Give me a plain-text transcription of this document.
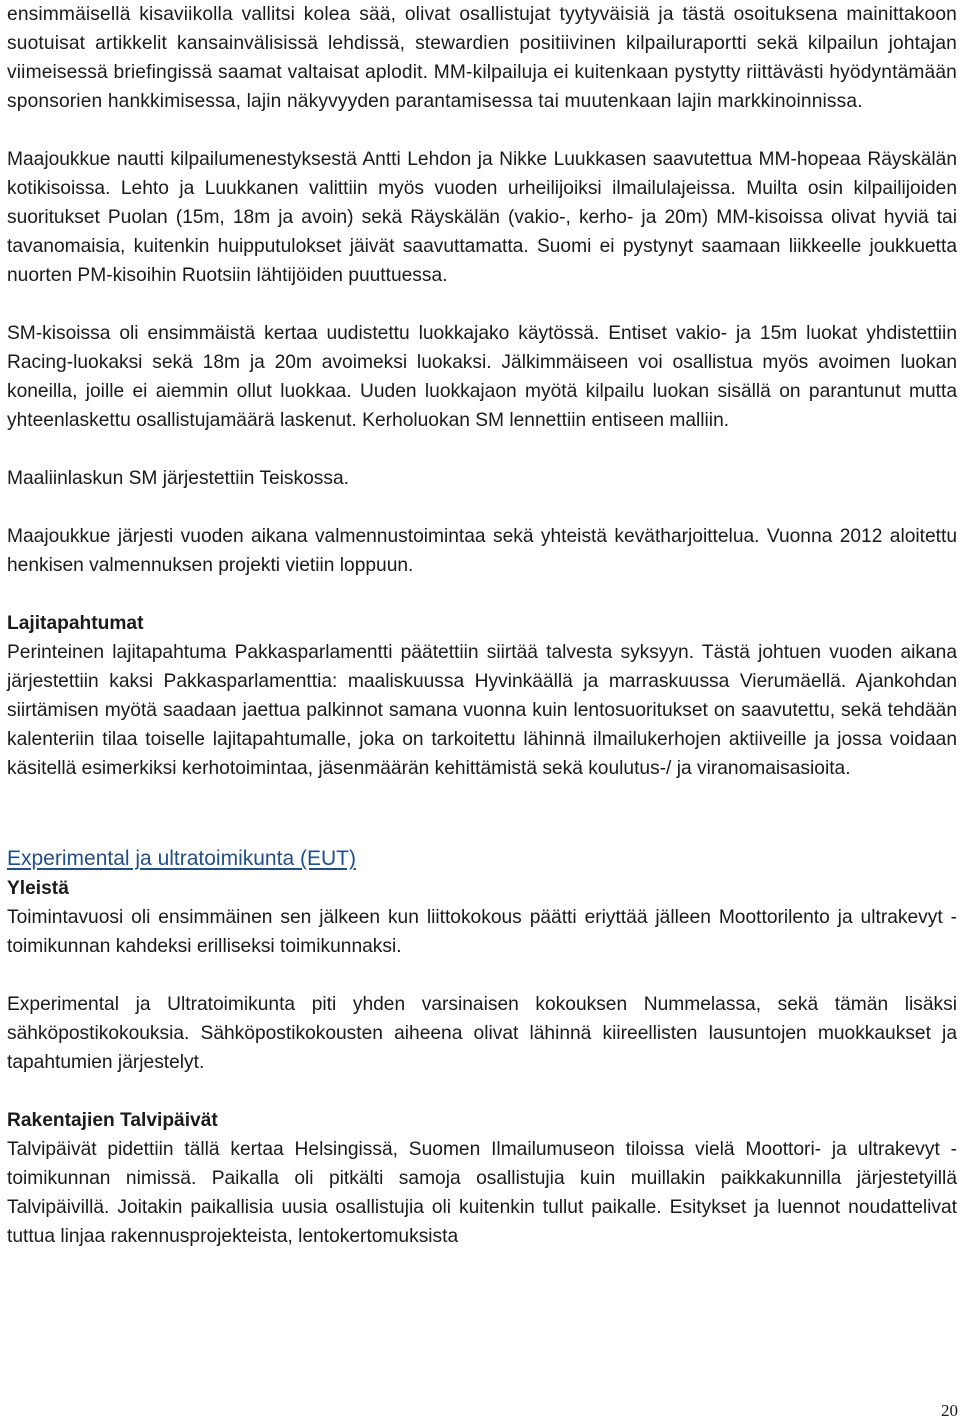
ensimmäisellä kisaviikolla vallitsi kolea sää, olivat osallistujat tyytyväisiä ja tästä osoituksena mainittakoon suotuisat artikkelit kansainvälisissä lehdissä, stewardien positiivinen kilpailuraportti sekä kilpailun johtajan viimeisessä briefingissä saamat valtaisat aplodit. MM-kilpailuja ei kuitenkaan pystytty riittävästi hyödyntämään sponsorien hankkimisessa, lajin näkyvyyden parantamisessa tai muutenkaan lajin markkinoinnissa.

Maajoukkue nautti kilpailumenestyksestä Antti Lehdon ja Nikke Luukkasen saavutettua MM-hopeaa Räyskälän kotikisoissa. Lehto ja Luukkanen valittiin myös vuoden urheilijoiksi ilmailulajeissa. Muilta osin kilpailijoiden suoritukset Puolan (15m, 18m ja avoin) sekä Räyskälän (vakio-, kerho- ja 20m) MM-kisoissa olivat hyviä tai tavanomaisia, kuitenkin huipputulokset jäivät saavuttamatta. Suomi ei pystynyt saamaan liikkeelle joukkuetta nuorten PM-kisoihin Ruotsiin lähtijöiden puuttuessa.

SM-kisoissa oli ensimmäistä kertaa uudistettu luokkajako käytössä. Entiset vakio- ja 15m luokat yhdistettiin Racing-luokaksi sekä 18m ja 20m avoimeksi luokaksi. Jälkimmäiseen voi osallistua myös avoimen luokan koneilla, joille ei aiemmin ollut luokkaa. Uuden luokkajaon myötä kilpailu luokan sisällä on parantunut mutta yhteenlaskettu osallistujamäärä laskenut. Kerholuokan SM lennettiin entiseen malliin.

Maaliinlaskun SM järjestettiin Teiskossa.

Maajoukkue järjesti vuoden aikana valmennustoimintaa sekä yhteistä kevätharjoittelua. Vuonna 2012 aloitettu henkisen valmennuksen projekti vietiin loppuun.

Lajitapahtumat

Perinteinen lajitapahtuma Pakkasparlamentti päätettiin siirtää talvesta syksyyn. Tästä johtuen vuoden aikana järjestettiin kaksi Pakkasparlamenttia: maaliskuussa Hyvinkäällä ja marraskuussa Vierumäellä. Ajankohdan siirtämisen myötä saadaan jaettua palkinnot samana vuonna kuin lentosuoritukset on saavutettu, sekä tehdään kalenteriin tilaa toiselle lajitapahtumalle, joka on tarkoitettu lähinnä ilmailukerhojen aktiiveille ja jossa voidaan käsitellä esimerkiksi kerhotoimintaa, jäsenmäärän kehittämistä sekä koulutus-/ ja viranomaisasioita.

Experimental ja ultratoimikunta (EUT)
Yleistä

Toimintavuosi oli ensimmäinen sen jälkeen kun liittokokous päätti eriyttää jälleen Moottorilento ja ultrakevyt -toimikunnan kahdeksi erilliseksi toimikunnaksi.

Experimental ja Ultratoimikunta piti yhden varsinaisen kokouksen Nummelassa, sekä tämän lisäksi sähköpostikokouksia. Sähköpostikokousten aiheena olivat lähinnä kiireellisten lausuntojen muokkaukset ja tapahtumien järjestelyt.

Rakentajien Talvipäivät

Talvipäivät pidettiin tällä kertaa Helsingissä, Suomen Ilmailumuseon tiloissa vielä Moottori- ja ultrakevyt -toimikunnan nimissä. Paikalla oli pitkälti samoja osallistujia kuin muillakin paikkakunnilla järjestetyillä Talvipäivillä. Joitakin paikallisia uusia osallistujia oli kuitenkin tullut paikalle. Esitykset ja luennot noudattelivat tuttua linjaa rakennusprojekteista, lentokertomuksista

20
